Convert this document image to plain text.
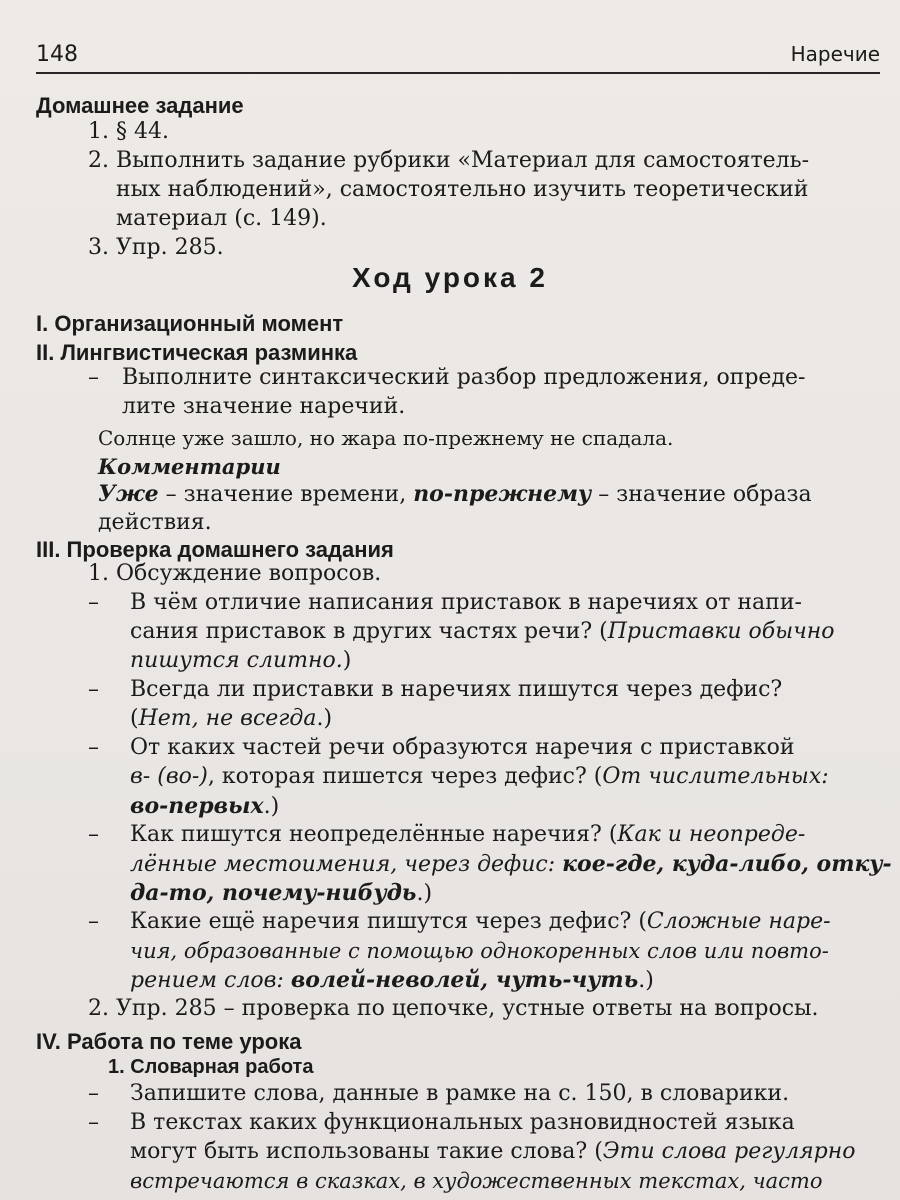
148	Наречие
Домашнее задание
1. § 44.
2. Выполнить задание рубрики «Материал для самостоятель-
ных наблюдений», самостоятельно изучить теоретический
материал (с. 149).
3. Упр. 285.
Ход урока 2
I. Организационный момент
II. Лингвистическая разминка
– Выполните синтаксический разбор предложения, опреде-
лите значение наречий.
Солнце уже зашло, но жара по-прежнему не спадала.
Комментарии
Уже – значение времени, по-прежнему – значение образа
действия.
III. Проверка домашнего задания
1. Обсуждение вопросов.
– В чём отличие написания приставок в наречиях от напи-
сания приставок в других частях речи? (Приставки обычно
пишутся слитно.)
– Всегда ли приставки в наречиях пишутся через дефис?
(Нет, не всегда.)
– От каких частей речи образуются наречия с приставкой
в- (во-), которая пишется через дефис? (От числительных:
во-первых.)
– Как пишутся неопределённые наречия? (Как и неопреде-
лённые местоимения, через дефис: кое-где, куда-либо, отку-
да-то, почему-нибудь.)
– Какие ещё наречия пишутся через дефис? (Сложные наре-
чия, образованные с помощью однокоренных слов или повто-
рением слов: волей-неволей, чуть-чуть.)
2. Упр. 285 – проверка по цепочке, устные ответы на вопросы.
IV. Работа по теме урока
1. Словарная работа
– Запишите слова, данные в рамке на с. 150, в словарики.
– В текстах каких функциональных разновидностей языка
могут быть использованы такие слова? (Эти слова регулярно
встречаются в сказках, в художественных текстах, часто
